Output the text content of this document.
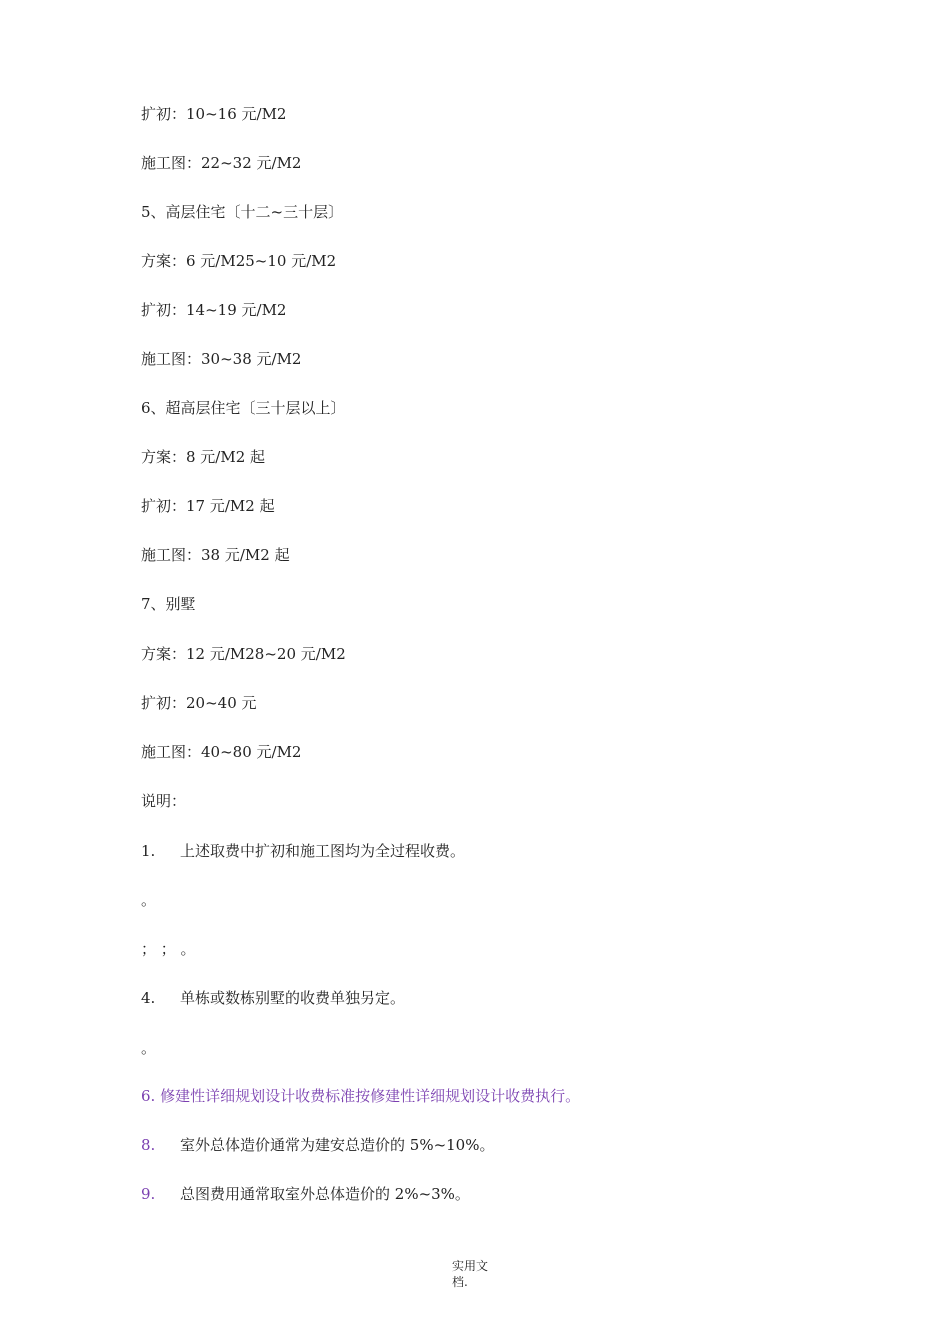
扩初：10~16 元/M2
施工图：22~32 元/M2
5、高层住宅〔十二~三十层〕
方案：6 元/M25~10 元/M2
扩初：14~19 元/M2
施工图：30~38 元/M2
6、超高层住宅〔三十层以上〕
方案：8 元/M2 起
扩初：17 元/M2 起
施工图：38 元/M2 起
7、别墅
方案：12 元/M28~20 元/M2
扩初：20~40 元
施工图：40~80 元/M2
说明：
1. 上述取费中扩初和施工图均为全过程收费。
。
； ； 。
4. 单栋或数栋别墅的收费单独另定。
。
6. 修建性详细规划设计收费标准按修建性详细规划设计收费执行。
8. 室外总体造价通常为建安总造价的 5%~10%。
9. 总图费用通常取室外总体造价的 2%~3%。
实用文
档.
